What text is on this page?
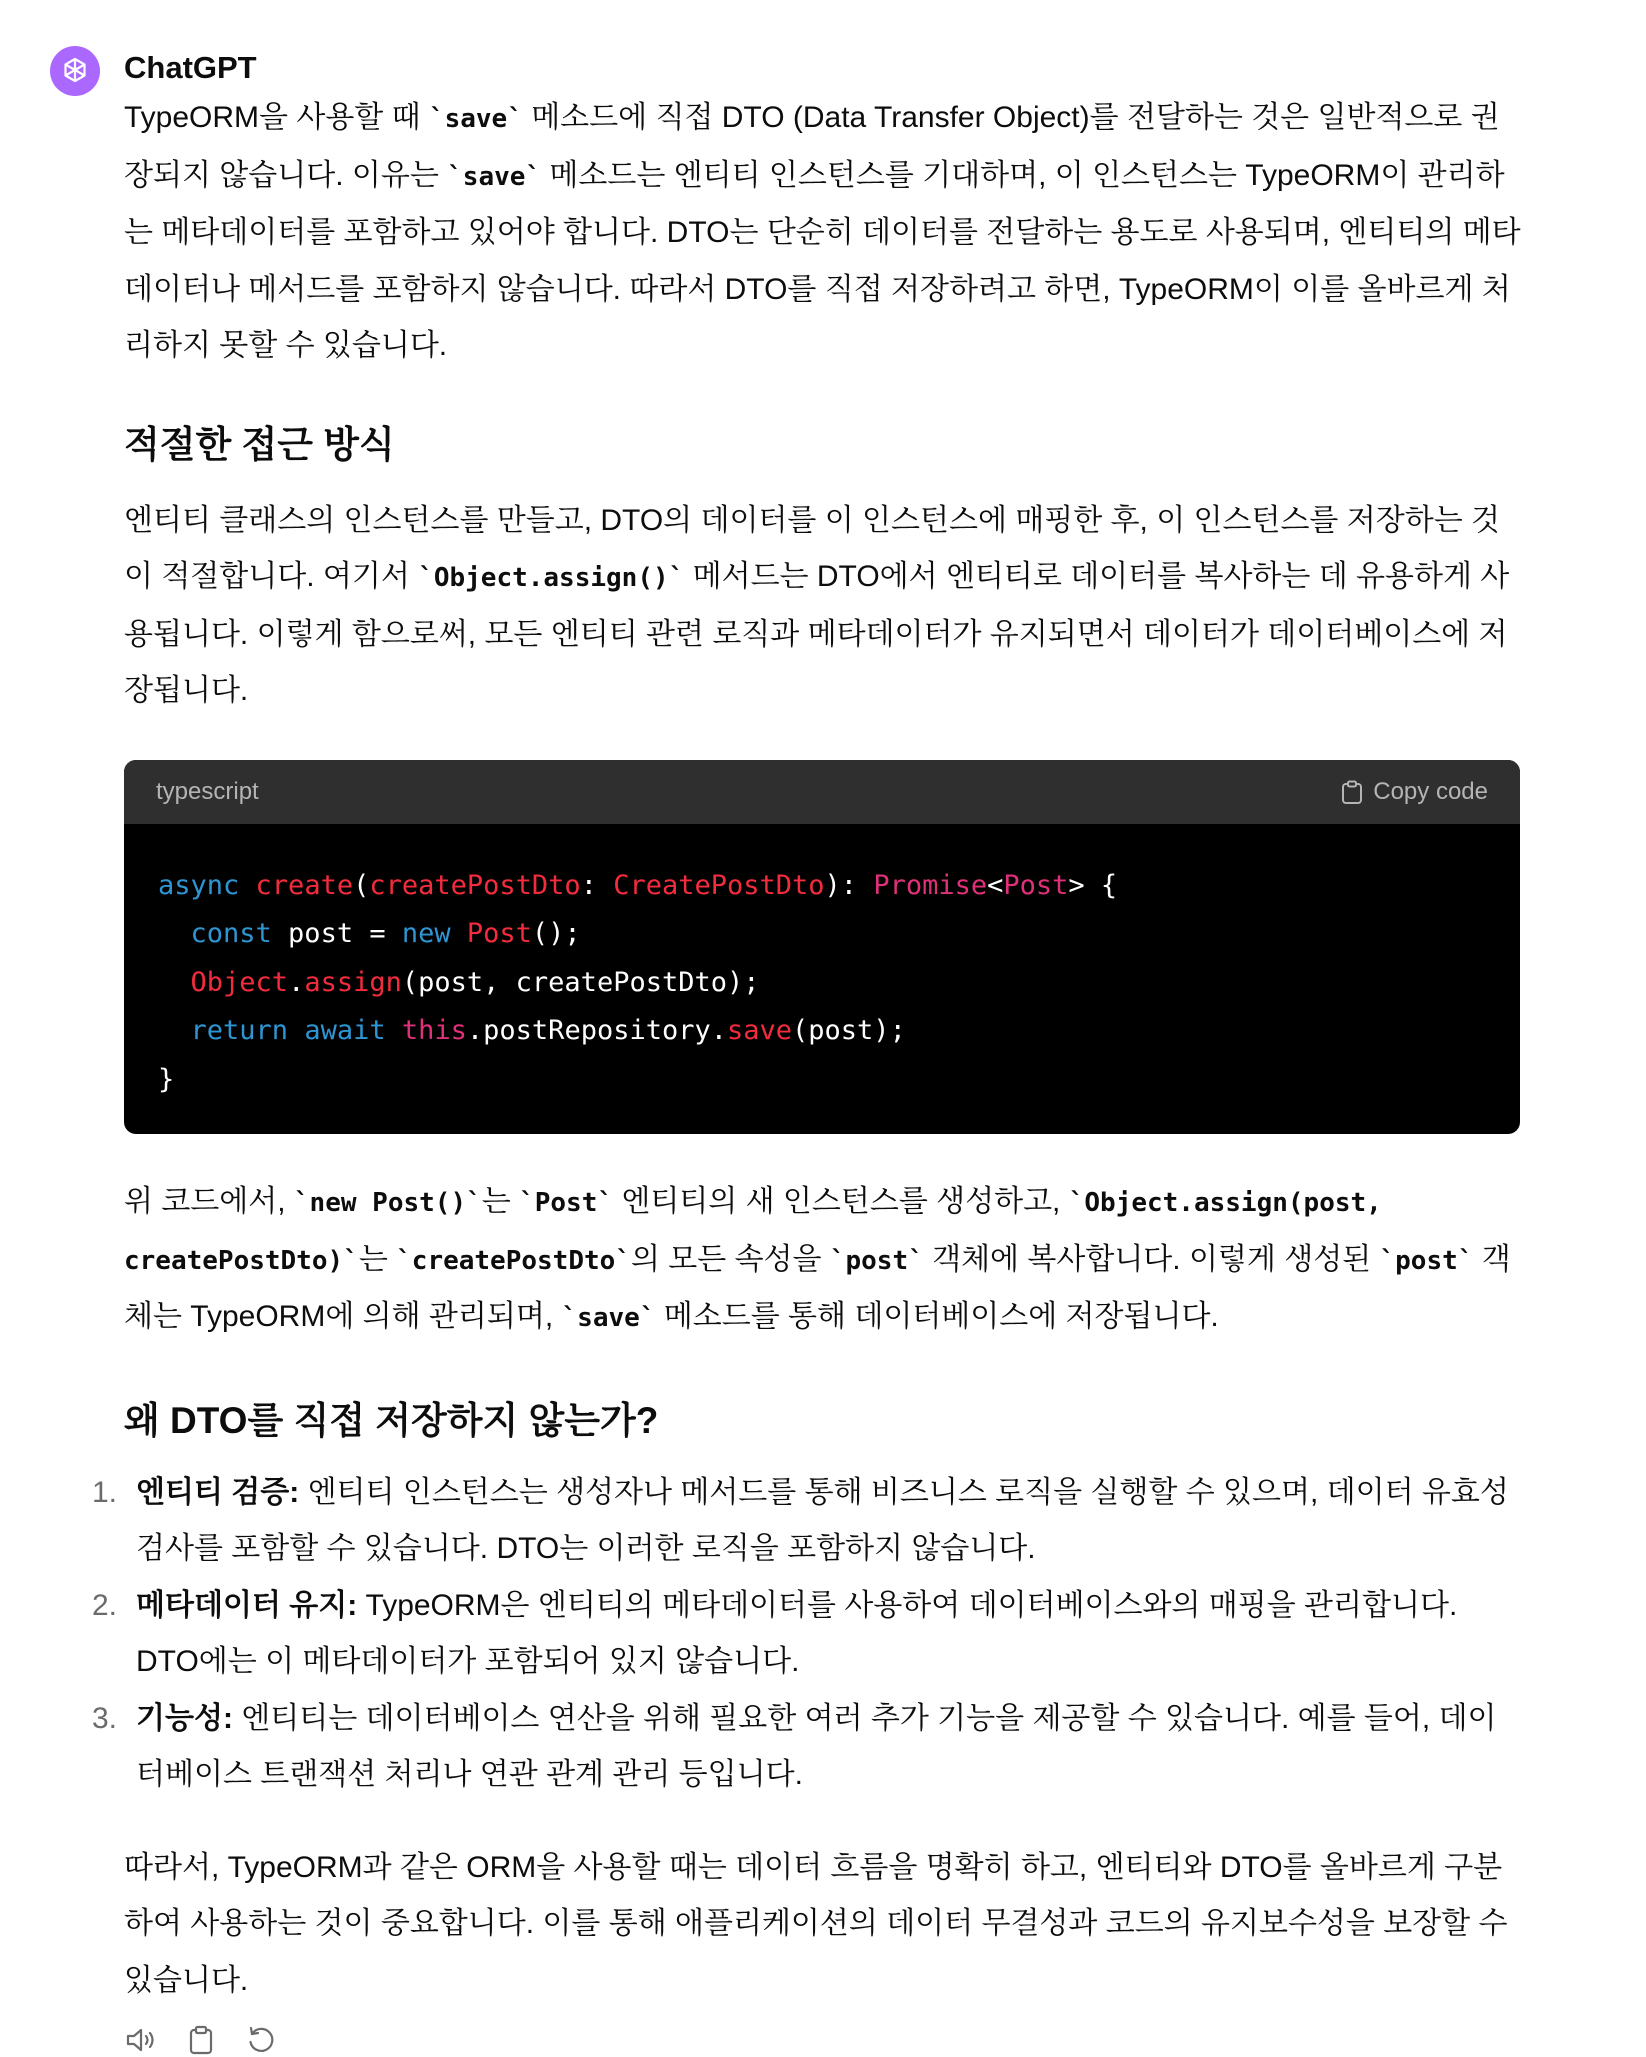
ChatGPT

TypeORM을 사용할 때 `save` 메소드에 직접 DTO (Data Transfer Object)를 전달하는 것은 일반적으로 권장되지 않습니다. 이유는 `save` 메소드는 엔티티 인스턴스를 기대하며, 이 인스턴스는 TypeORM이 관리하는 메타데이터를 포함하고 있어야 합니다. DTO는 단순히 데이터를 전달하는 용도로 사용되며, 엔티티의 메타데이터나 메서드를 포함하지 않습니다. 따라서 DTO를 직접 저장하려고 하면, TypeORM이 이를 올바르게 처리하지 못할 수 있습니다.

적절한 접근 방식

엔티티 클래스의 인스턴스를 만들고, DTO의 데이터를 이 인스턴스에 매핑한 후, 이 인스턴스를 저장하는 것이 적절합니다. 여기서 `Object.assign()` 메서드는 DTO에서 엔티티로 데이터를 복사하는 데 유용하게 사용됩니다. 이렇게 함으로써, 모든 엔티티 관련 로직과 메타데이터가 유지되면서 데이터가 데이터베이스에 저장됩니다.

typescript	Copy code
async create(createPostDto: CreatePostDto): Promise<Post> {
const post = new Post();
Object.assign(post, createPostDto);
return await this.postRepository.save(post);
}

위 코드에서, `new Post()`는 `Post` 엔티티의 새 인스턴스를 생성하고, `Object.assign(post, createPostDto)`는 `createPostDto`의 모든 속성을 `post` 객체에 복사합니다. 이렇게 생성된 `post` 객체는 TypeORM에 의해 관리되며, `save` 메소드를 통해 데이터베이스에 저장됩니다.

왜 DTO를 직접 저장하지 않는가?
1. 엔티티 검증: 엔티티 인스턴스는 생성자나 메서드를 통해 비즈니스 로직을 실행할 수 있으며, 데이터 유효성 검사를 포함할 수 있습니다. DTO는 이러한 로직을 포함하지 않습니다.
2. 메타데이터 유지: TypeORM은 엔티티의 메타데이터를 사용하여 데이터베이스와의 매핑을 관리합니다. DTO에는 이 메타데이터가 포함되어 있지 않습니다.
3. 기능성: 엔티티는 데이터베이스 연산을 위해 필요한 여러 추가 기능을 제공할 수 있습니다. 예를 들어, 데이터베이스 트랜잭션 처리나 연관 관계 관리 등입니다.

따라서, TypeORM과 같은 ORM을 사용할 때는 데이터 흐름을 명확히 하고, 엔티티와 DTO를 올바르게 구분하여 사용하는 것이 중요합니다. 이를 통해 애플리케이션의 데이터 무결성과 코드의 유지보수성을 보장할 수 있습니다.
